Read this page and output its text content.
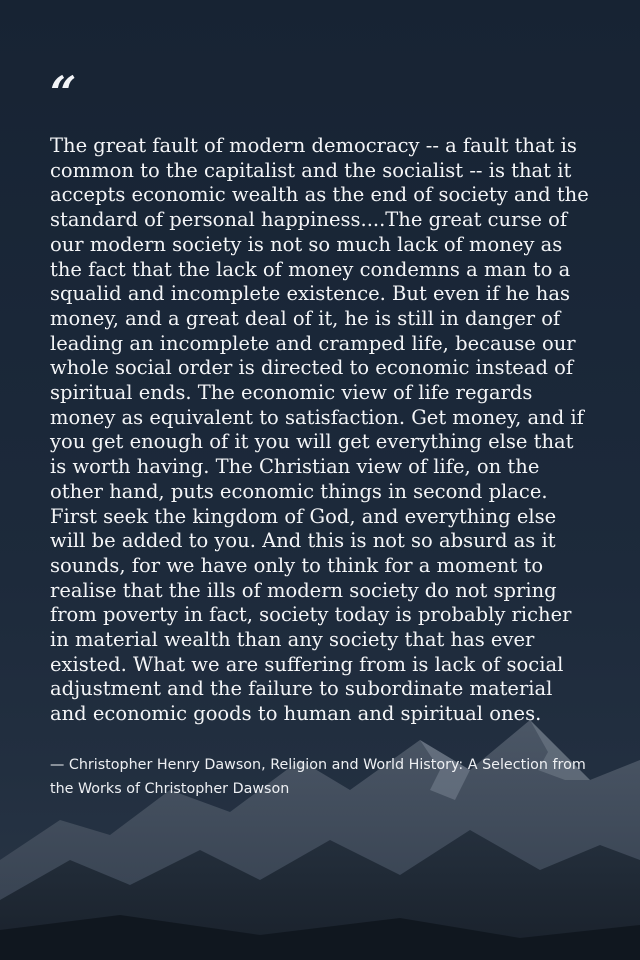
“

The great fault of modern democracy -- a fault that is common to the capitalist and the socialist -- is that it accepts economic wealth as the end of society and the standard of personal happiness....The great curse of our modern society is not so much lack of money as the fact that the lack of money condemns a man to a squalid and incomplete existence. But even if he has money, and a great deal of it, he is still in danger of leading an incomplete and cramped life, because our whole social order is directed to economic instead of spiritual ends. The economic view of life regards money as equivalent to satisfaction. Get money, and if you get enough of it you will get everything else that is worth having. The Christian view of life, on the other hand, puts economic things in second place. First seek the kingdom of God, and everything else will be added to you. And this is not so absurd as it sounds, for we have only to think for a moment to realise that the ills of modern society do not spring from poverty in fact, society today is probably richer in material wealth than any society that has ever existed. What we are suffering from is lack of social adjustment and the failure to subordinate material and economic goods to human and spiritual ones.

— Christopher Henry Dawson, Religion and World History: A Selection from the Works of Christopher Dawson
